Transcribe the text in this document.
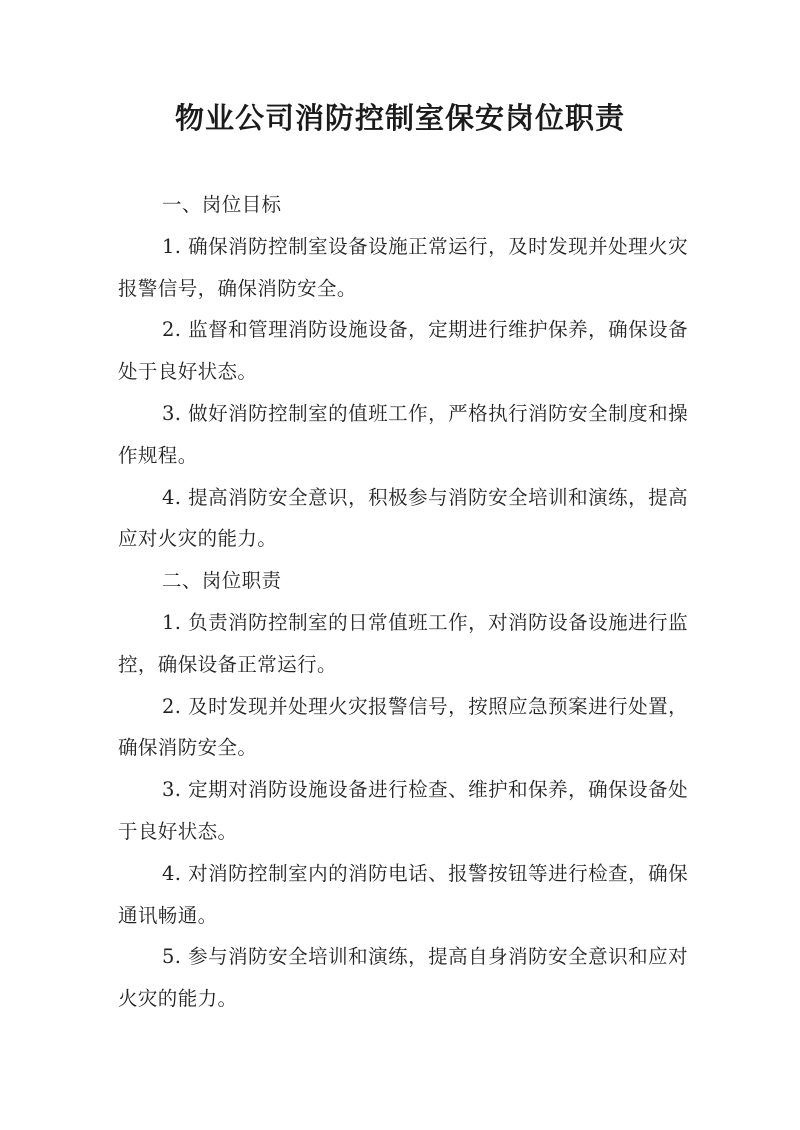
物业公司消防控制室保安岗位职责

一、岗位目标

1. 确保消防控制室设备设施正常运行，及时发现并处理火灾报警信号，确保消防安全。

2. 监督和管理消防设施设备，定期进行维护保养，确保设备处于良好状态。

3. 做好消防控制室的值班工作，严格执行消防安全制度和操作规程。

4. 提高消防安全意识，积极参与消防安全培训和演练，提高应对火灾的能力。

二、岗位职责

1. 负责消防控制室的日常值班工作，对消防设备设施进行监控，确保设备正常运行。

2. 及时发现并处理火灾报警信号，按照应急预案进行处置，确保消防安全。

3. 定期对消防设施设备进行检查、维护和保养，确保设备处于良好状态。

4. 对消防控制室内的消防电话、报警按钮等进行检查，确保通讯畅通。

5. 参与消防安全培训和演练，提高自身消防安全意识和应对火灾的能力。
